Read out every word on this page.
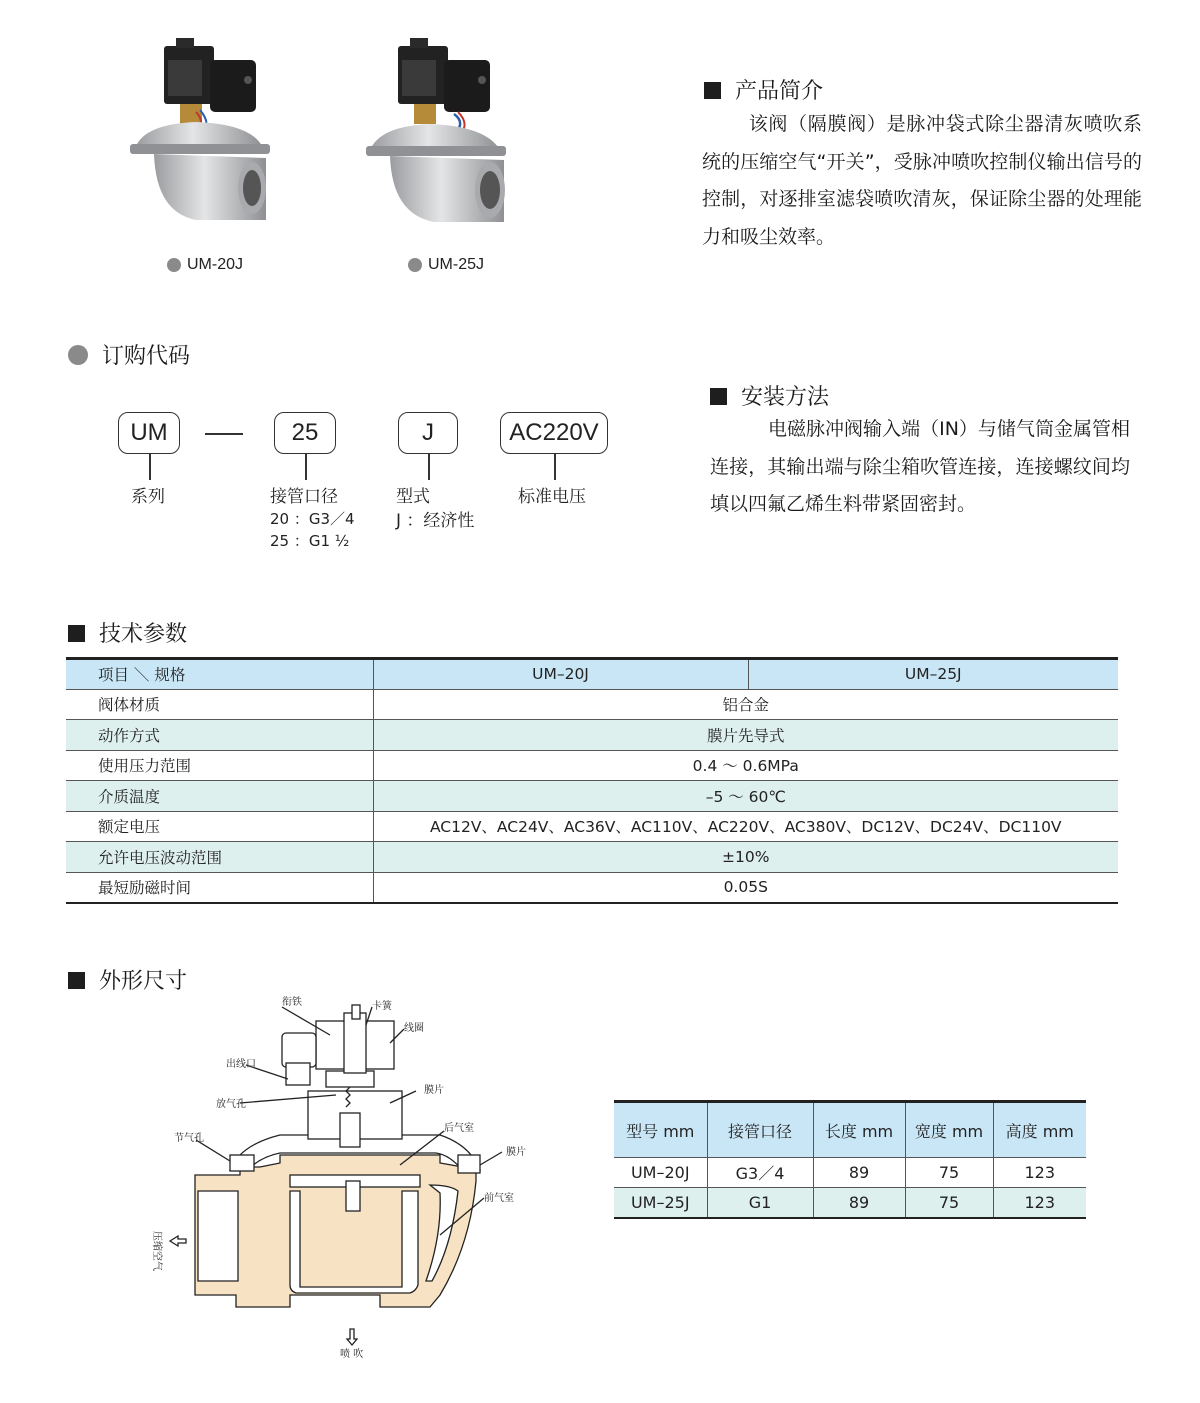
UM-20J	UM-25J
产品简介
该阀（隔膜阀）是脉冲袋式除尘器清灰喷吹系统的压缩空气“开关”，受脉冲喷吹控制仪输出信号的控制，对逐排室滤袋喷吹清灰，保证除尘器的处理能力和吸尘效率。
订购代码
UM	25	J	AC220V
系列	接管口径
20 ：G3／4
25 ：G1 ½
型式
J ：经济性
标准电压
安装方法
电磁脉冲阀输入端（IN）与储气筒金属管相连接，其输出端与除尘箱吹管连接，连接螺纹间均填以四氟乙烯生料带紧固密封。
技术参数
项目 ＼ 规格	UM–20J	UM–25J
阀体材质	铝合金	
动作方式	膜片先导式	
使用压力范围	0.4 ～ 0.6MPa	
介质温度	–5 ～ 60℃	
额定电压	AC12V、AC24V、AC36V、AC110V、AC220V、AC380V、DC12V、DC24V、DC110V	
允许电压波动范围	±10%	
最短励磁时间	0.05S	
外形尺寸
衔铁	卡簧
线圈
出线口
放气孔
膜片
节气孔
后气室
膜片
前气室
压缩空气
喷 吹
型号 mm	接管口径	长度 mm	宽度 mm	高度 mm
UM–20J	G3／4	89	75	123
UM–25J	G1	89	75	123
